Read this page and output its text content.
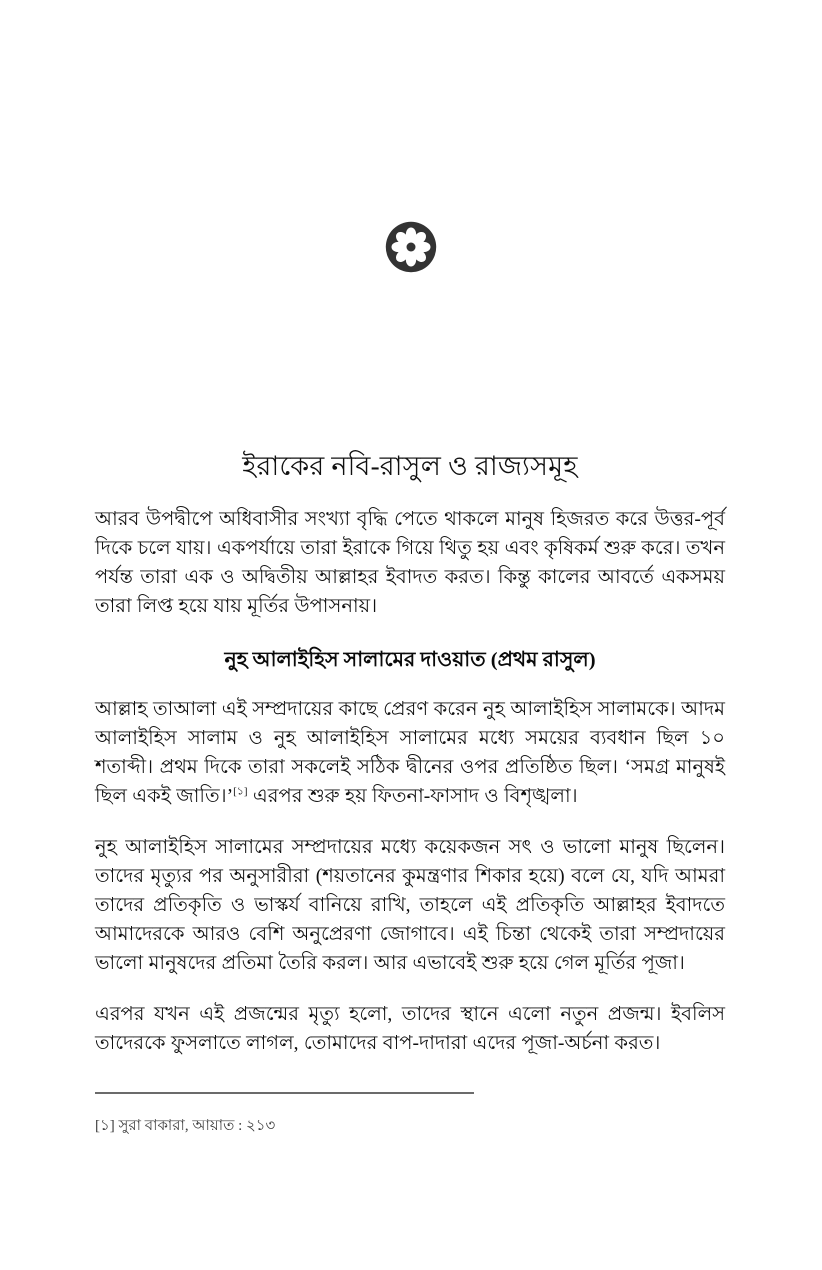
ইরাকের নবি-রাসুল ও রাজ্যসমূহ

আরব উপদ্বীপে অধিবাসীর সংখ্যা বৃদ্ধি পেতে থাকলে মানুষ হিজরত করে উত্তর-পূর্ব দিকে চলে যায়। একপর্যায়ে তারা ইরাকে গিয়ে থিতু হয় এবং কৃষিকর্ম শুরু করে। তখন পর্যন্ত তারা এক ও অদ্বিতীয় আল্লাহর ইবাদত করত। কিন্তু কালের আবর্তে একসময় তারা লিপ্ত হয়ে যায় মূর্তির উপাসনায়।

নুহ আলাইহিস সালামের দাওয়াত (প্রথম রাসুল)

আল্লাহ তাআলা এই সম্প্রদায়ের কাছে প্রেরণ করেন নুহ আলাইহিস সালামকে। আদম আলাইহিস সালাম ও নুহ আলাইহিস সালামের মধ্যে সময়ের ব্যবধান ছিল ১০ শতাব্দী। প্রথম দিকে তারা সকলেই সঠিক দ্বীনের ওপর প্রতিষ্ঠিত ছিল। ‘সমগ্র মানুষই ছিল একই জাতি।’[১] এরপর শুরু হয় ফিতনা-ফাসাদ ও বিশৃঙ্খলা।

নুহ আলাইহিস সালামের সম্প্রদায়ের মধ্যে কয়েকজন সৎ ও ভালো মানুষ ছিলেন। তাদের মৃত্যুর পর অনুসারীরা (শয়তানের কুমন্ত্রণার শিকার হয়ে) বলে যে, যদি আমরা তাদের প্রতিকৃতি ও ভাস্কর্য বানিয়ে রাখি, তাহলে এই প্রতিকৃতি আল্লাহর ইবাদতে আমাদেরকে আরও বেশি অনুপ্রেরণা জোগাবে। এই চিন্তা থেকেই তারা সম্প্রদায়ের ভালো মানুষদের প্রতিমা তৈরি করল। আর এভাবেই শুরু হয়ে গেল মূর্তির পূজা।

এরপর যখন এই প্রজন্মের মৃত্যু হলো, তাদের স্থানে এলো নতুন প্রজন্ম। ইবলিস তাদেরকে ফুসলাতে লাগল, তোমাদের বাপ-দাদারা এদের পূজা-অর্চনা করত।

[১] সুরা বাকারা, আয়াত : ২১৩
